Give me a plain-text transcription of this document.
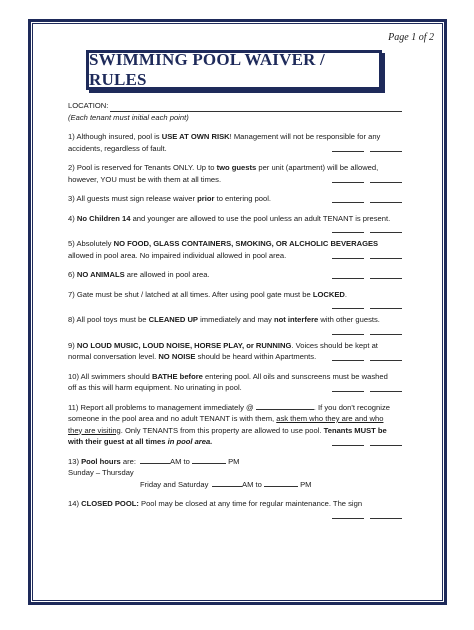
Page 1 of 2
SWIMMING POOL WAIVER / RULES
LOCATION:
(Each tenant must initial each point)
1) Although insured, pool is USE AT OWN RISK! Management will not be responsible for any accidents, regardless of fault.
2) Pool is reserved for Tenants ONLY. Up to two guests per unit (apartment) will be allowed, however, YOU must be with them at all times.
3) All guests must sign release waiver prior to entering pool.
4) No Children 14 and younger are allowed to use the pool unless an adult TENANT is present.
5) Absolutely NO FOOD, GLASS CONTAINERS, SMOKING, OR ALCHOLIC BEVERAGES allowed in pool area. No impaired individual allowed in pool area.
6) NO ANIMALS are allowed in pool area.
7) Gate must be shut / latched at all times. After using pool gate must be LOCKED.
8) All pool toys must be CLEANED UP immediately and may not interfere with other guests.
9) NO LOUD MUSIC, LOUD NOISE, HORSE PLAY, or RUNNING. Voices should be kept at normal conversation level. NO NOISE should be heard within Apartments.
10) All swimmers should BATHE before entering pool. All oils and sunscreens must be washed off as this will harm equipment. No urinating in pool.
11) Report all problems to management immediately @	. If you don't recognize someone in the pool area and no adult TENANT is with them, ask them who they are and who they are visiting. Only TENANTS from this property are allowed to use pool. Tenants MUST be with their guest at all times in pool area.
13) Pool hours are: Sunday – Thursday
AM to	PM
Friday and Saturday	AM to	PM
14) CLOSED POOL: Pool may be closed at any time for regular maintenance. The sign
